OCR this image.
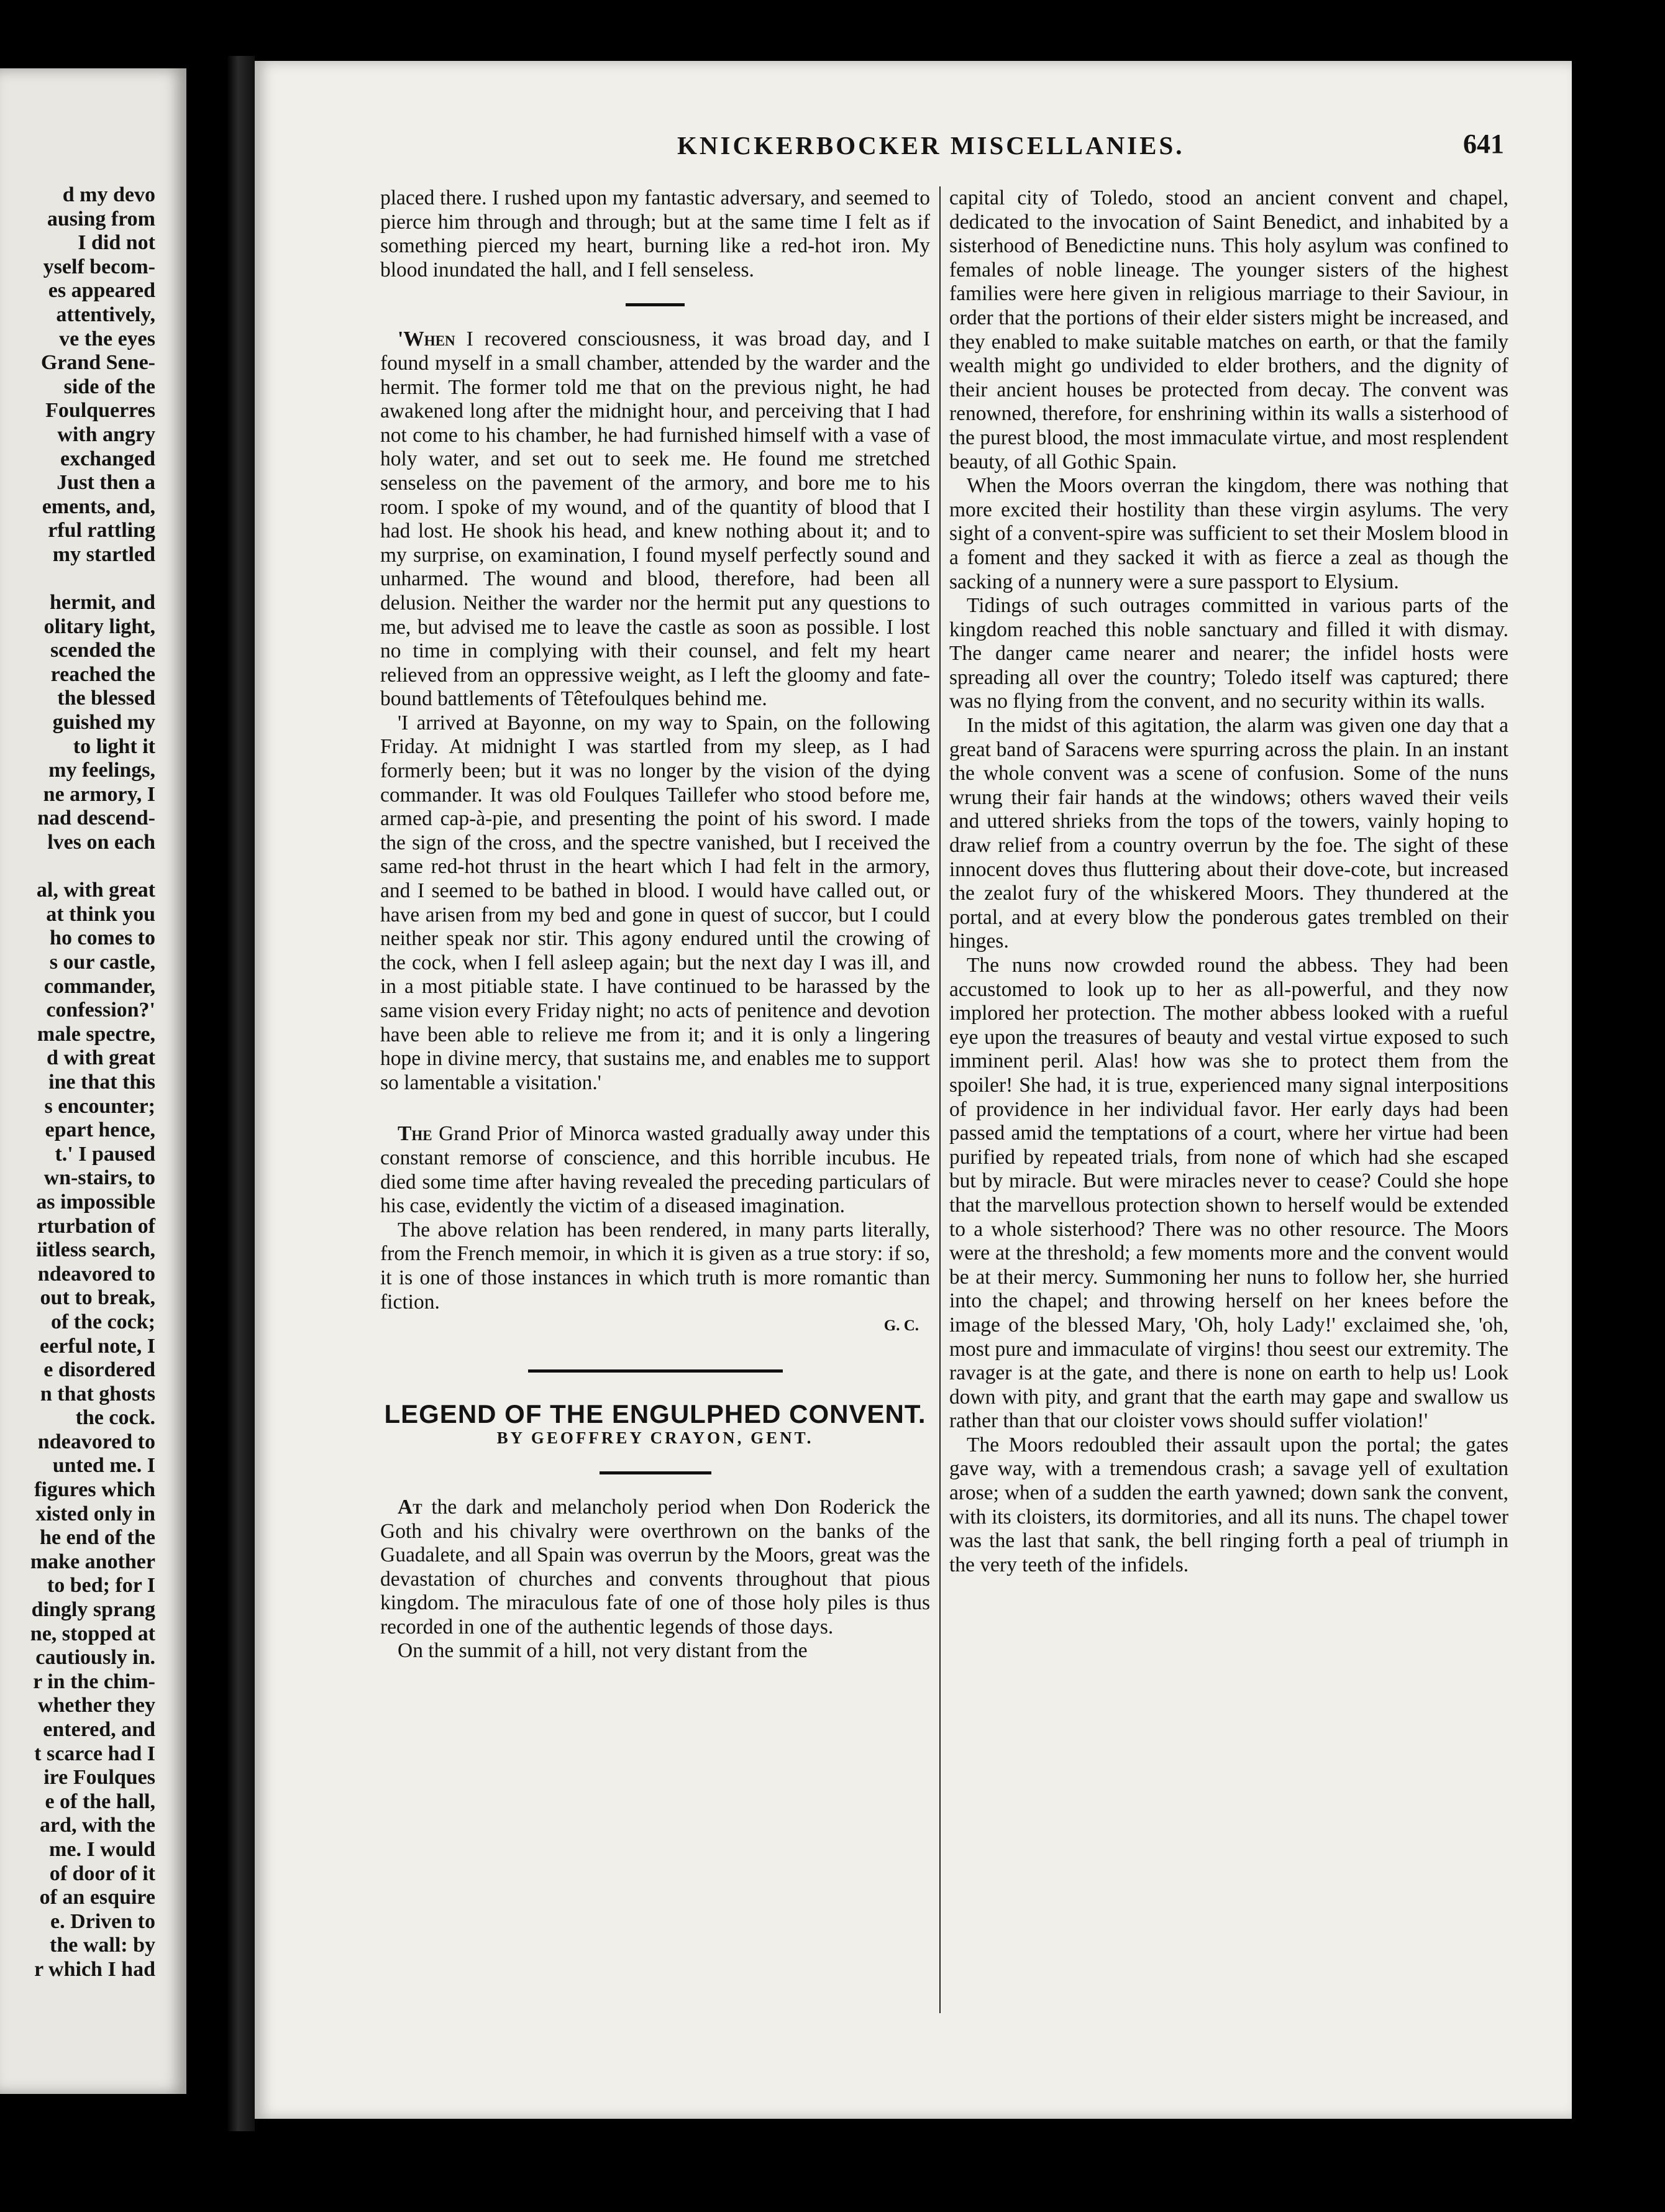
d my devo
ausing from
I did not
yself becom-
es appeared
attentively,
ve the eyes
Grand Sene-
side of the
Foulquerres
with angry
exchanged
Just then a
ements, and,
rful rattling
my startled

hermit, and
olitary light,
scended the
reached the
the blessed
guished my
to light it
my feelings,
ne armory, I
nad descend-
lves on each

al, with great
at think you
ho comes to
s our castle,
commander,
confession?'
male spectre,
d with great
ine that this
s encounter;
epart hence,
t.' I paused
wn-stairs, to
as impossible
rturbation of
iitless search,
ndeavored to
out to break,
of the cock;
eerful note, I
e disordered
n that ghosts
the cock.
ndeavored to
unted me. I
figures which
xisted only in
he end of the
make another
to bed; for I
dingly sprang
ne, stopped at
cautiously in.
r in the chim-
whether they
entered, and
t scarce had I
ire Foulques
e of the hall,
ard, with the
me. I would
of door of it
of an esquire
e. Driven to
the wall: by
r which I had
KNICKERBOCKER MISCELLANIES.	641

placed there. I rushed upon my fantastic adversary, and seemed to pierce him through and through; but at the same time I felt as if something pierced my heart, burning like a red-hot iron. My blood inundated the hall, and I fell senseless.

'When I recovered consciousness, it was broad day, and I found myself in a small chamber, attended by the warder and the hermit. The former told me that on the previous night, he had awakened long after the midnight hour, and perceiving that I had not come to his chamber, he had furnished himself with a vase of holy water, and set out to seek me. He found me stretched senseless on the pavement of the armory, and bore me to his room. I spoke of my wound, and of the quantity of blood that I had lost. He shook his head, and knew nothing about it; and to my surprise, on examination, I found myself perfectly sound and unharmed. The wound and blood, therefore, had been all delusion. Neither the warder nor the hermit put any questions to me, but advised me to leave the castle as soon as possible. I lost no time in complying with their counsel, and felt my heart relieved from an oppressive weight, as I left the gloomy and fate-bound battlements of Têtefoulques behind me.

'I arrived at Bayonne, on my way to Spain, on the following Friday. At midnight I was startled from my sleep, as I had formerly been; but it was no longer by the vision of the dying commander. It was old Foulques Taillefer who stood before me, armed cap-à-pie, and presenting the point of his sword. I made the sign of the cross, and the spectre vanished, but I received the same red-hot thrust in the heart which I had felt in the armory, and I seemed to be bathed in blood. I would have called out, or have arisen from my bed and gone in quest of succor, but I could neither speak nor stir. This agony endured until the crowing of the cock, when I fell asleep again; but the next day I was ill, and in a most pitiable state. I have continued to be harassed by the same vision every Friday night; no acts of penitence and devotion have been able to relieve me from it; and it is only a lingering hope in divine mercy, that sustains me, and enables me to support so lamentable a visitation.'

The Grand Prior of Minorca wasted gradually away under this constant remorse of conscience, and this horrible incubus. He died some time after having revealed the preceding particulars of his case, evidently the victim of a diseased imagination.

The above relation has been rendered, in many parts literally, from the French memoir, in which it is given as a true story: if so, it is one of those instances in which truth is more romantic than fiction.

G. C.

LEGEND OF THE ENGULPHED CONVENT.

BY GEOFFREY CRAYON, GENT.

At the dark and melancholy period when Don Roderick the Goth and his chivalry were overthrown on the banks of the Guadalete, and all Spain was overrun by the Moors, great was the devastation of churches and convents throughout that pious kingdom. The miraculous fate of one of those holy piles is thus recorded in one of the authentic legends of those days.

On the summit of a hill, not very distant from the

capital city of Toledo, stood an ancient convent and chapel, dedicated to the invocation of Saint Benedict, and inhabited by a sisterhood of Benedictine nuns. This holy asylum was confined to females of noble lineage. The younger sisters of the highest families were here given in religious marriage to their Saviour, in order that the portions of their elder sisters might be increased, and they enabled to make suitable matches on earth, or that the family wealth might go undivided to elder brothers, and the dignity of their ancient houses be protected from decay. The convent was renowned, therefore, for enshrining within its walls a sisterhood of the purest blood, the most immaculate virtue, and most resplendent beauty, of all Gothic Spain.

When the Moors overran the kingdom, there was nothing that more excited their hostility than these virgin asylums. The very sight of a convent-spire was sufficient to set their Moslem blood in a foment and they sacked it with as fierce a zeal as though the sacking of a nunnery were a sure passport to Elysium.

Tidings of such outrages committed in various parts of the kingdom reached this noble sanctuary and filled it with dismay. The danger came nearer and nearer; the infidel hosts were spreading all over the country; Toledo itself was captured; there was no flying from the convent, and no security within its walls.

In the midst of this agitation, the alarm was given one day that a great band of Saracens were spurring across the plain. In an instant the whole convent was a scene of confusion. Some of the nuns wrung their fair hands at the windows; others waved their veils and uttered shrieks from the tops of the towers, vainly hoping to draw relief from a country overrun by the foe. The sight of these innocent doves thus fluttering about their dove-cote, but increased the zealot fury of the whiskered Moors. They thundered at the portal, and at every blow the ponderous gates trembled on their hinges.

The nuns now crowded round the abbess. They had been accustomed to look up to her as all-powerful, and they now implored her protection. The mother abbess looked with a rueful eye upon the treasures of beauty and vestal virtue exposed to such imminent peril. Alas! how was she to protect them from the spoiler! She had, it is true, experienced many signal interpositions of providence in her individual favor. Her early days had been passed amid the temptations of a court, where her virtue had been purified by repeated trials, from none of which had she escaped but by miracle. But were miracles never to cease? Could she hope that the marvellous protection shown to herself would be extended to a whole sisterhood? There was no other resource. The Moors were at the threshold; a few moments more and the convent would be at their mercy. Summoning her nuns to follow her, she hurried into the chapel; and throwing herself on her knees before the image of the blessed Mary, 'Oh, holy Lady!' exclaimed she, 'oh, most pure and immaculate of virgins! thou seest our extremity. The ravager is at the gate, and there is none on earth to help us! Look down with pity, and grant that the earth may gape and swallow us rather than that our cloister vows should suffer violation!'

The Moors redoubled their assault upon the portal; the gates gave way, with a tremendous crash; a savage yell of exultation arose; when of a sudden the earth yawned; down sank the convent, with its cloisters, its dormitories, and all its nuns. The chapel tower was the last that sank, the bell ringing forth a peal of triumph in the very teeth of the infidels.
